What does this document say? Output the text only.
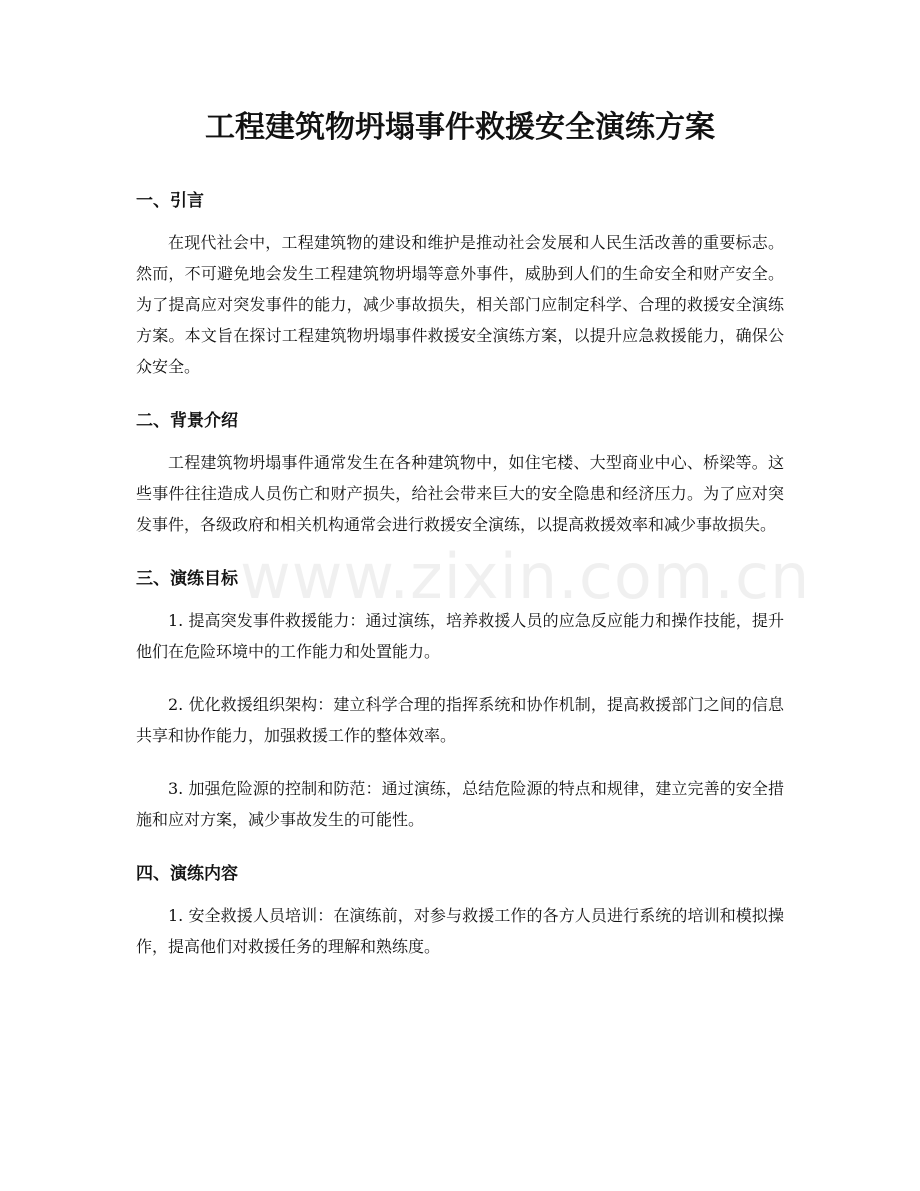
www.zixin.com.cn
工程建筑物坍塌事件救援安全演练方案
一、引言

在现代社会中，工程建筑物的建设和维护是推动社会发展和人民生活改善的重要标志。然而，不可避免地会发生工程建筑物坍塌等意外事件，威胁到人们的生命安全和财产安全。为了提高应对突发事件的能力，减少事故损失，相关部门应制定科学、合理的救援安全演练方案。本文旨在探讨工程建筑物坍塌事件救援安全演练方案，以提升应急救援能力，确保公众安全。

二、背景介绍

工程建筑物坍塌事件通常发生在各种建筑物中，如住宅楼、大型商业中心、桥梁等。这些事件往往造成人员伤亡和财产损失，给社会带来巨大的安全隐患和经济压力。为了应对突发事件，各级政府和相关机构通常会进行救援安全演练，以提高救援效率和减少事故损失。

三、演练目标

1. 提高突发事件救援能力：通过演练，培养救援人员的应急反应能力和操作技能，提升他们在危险环境中的工作能力和处置能力。

2. 优化救援组织架构：建立科学合理的指挥系统和协作机制，提高救援部门之间的信息共享和协作能力，加强救援工作的整体效率。

3. 加强危险源的控制和防范：通过演练，总结危险源的特点和规律，建立完善的安全措施和应对方案，减少事故发生的可能性。

四、演练内容

1. 安全救援人员培训：在演练前，对参与救援工作的各方人员进行系统的培训和模拟操作，提高他们对救援任务的理解和熟练度。
